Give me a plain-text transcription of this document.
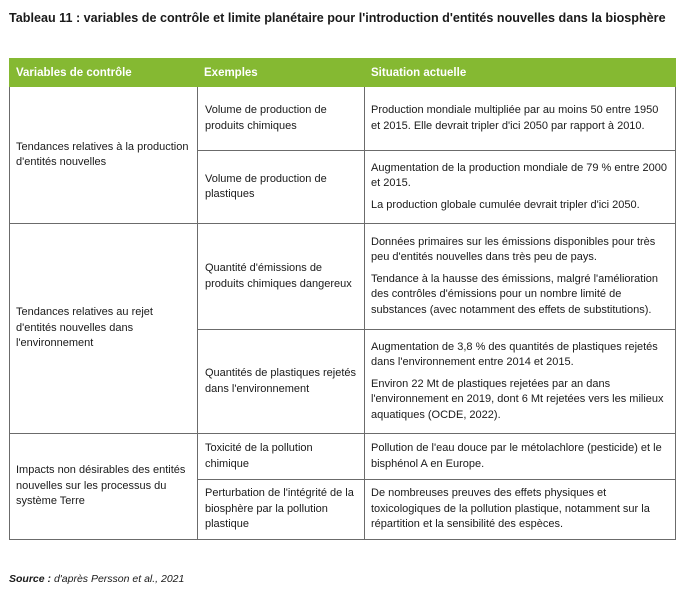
Tableau 11 : variables de contrôle et limite planétaire pour l'introduction d'entités nouvelles dans la biosphère
Variables de contrôle	Exemples	Situation actuelle
Tendances relatives à la production d'entités nouvelles	Volume de production de produits chimiques	Production mondiale multipliée par au moins 50 entre 1950 et 2015. Elle devrait tripler d'ici 2050 par rapport à 2010.

	Volume de production de plastiques	Augmentation de la production mondiale de 79 % entre 2000 et 2015.

La production globale cumulée devrait tripler d'ici 2050.

Tendances relatives au rejet d'entités nouvelles dans l'environnement	Quantité d'émissions de produits chimiques dangereux	Données primaires sur les émissions disponibles pour très peu d'entités nouvelles dans très peu de pays.

Tendance à la hausse des émissions, malgré l'amélioration des contrôles d'émissions pour un nombre limité de substances (avec notamment des effets de substitutions).

	Quantités de plastiques rejetés dans l'environnement	Augmentation de 3,8 % des quantités de plastiques rejetés dans l'environnement entre 2014 et 2015.

Environ 22 Mt de plastiques rejetées par an dans l'environnement en 2019, dont 6 Mt rejetées vers les milieux aquatiques (OCDE, 2022).

Impacts non désirables des entités nouvelles sur les processus du système Terre	Toxicité de la pollution chimique	Pollution de l'eau douce par le métolachlore (pesticide) et le bisphénol A en Europe.

	Perturbation de l'intégrité de la biosphère par la pollution plastique	De nombreuses preuves des effets physiques et toxicologiques de la pollution plastique, notamment sur la répartition et la sensibilité des espèces.

Source : d'après Persson et al., 2021
